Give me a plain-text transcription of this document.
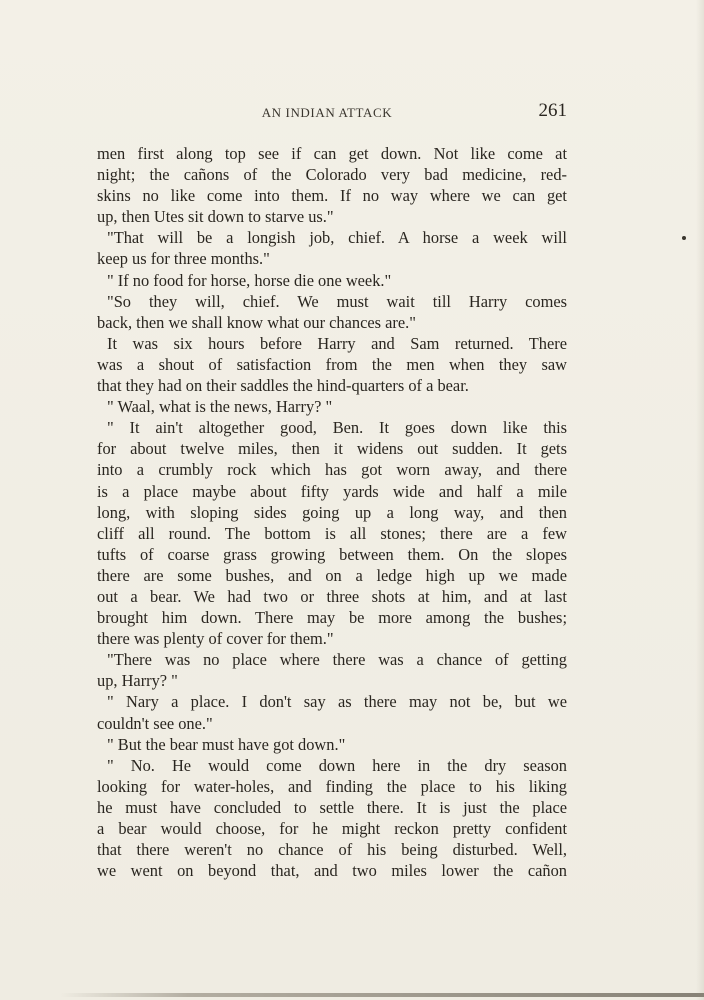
AN INDIAN ATTACK	261
men first along top see if can get down. Not like come at
night; the cañons of the Colorado very bad medicine, red-
skins no like come into them. If no way where we can get
up, then Utes sit down to starve us."
"That will be a longish job, chief. A horse a week will
keep us for three months."
" If no food for horse, horse die one week."
"So they will, chief. We must wait till Harry comes
back, then we shall know what our chances are."
It was six hours before Harry and Sam returned. There
was a shout of satisfaction from the men when they saw
that they had on their saddles the hind-quarters of a bear.
" Waal, what is the news, Harry? "
" It ain't altogether good, Ben. It goes down like this
for about twelve miles, then it widens out sudden. It gets
into a crumbly rock which has got worn away, and there
is a place maybe about fifty yards wide and half a mile
long, with sloping sides going up a long way, and then
cliff all round. The bottom is all stones; there are a few
tufts of coarse grass growing between them. On the slopes
there are some bushes, and on a ledge high up we made
out a bear. We had two or three shots at him, and at last
brought him down. There may be more among the bushes;
there was plenty of cover for them."
"There was no place where there was a chance of getting
up, Harry? "
" Nary a place. I don't say as there may not be, but we
couldn't see one."
" But the bear must have got down."
" No. He would come down here in the dry season
looking for water-holes, and finding the place to his liking
he must have concluded to settle there. It is just the place
a bear would choose, for he might reckon pretty confident
that there weren't no chance of his being disturbed. Well,
we went on beyond that, and two miles lower the cañon
